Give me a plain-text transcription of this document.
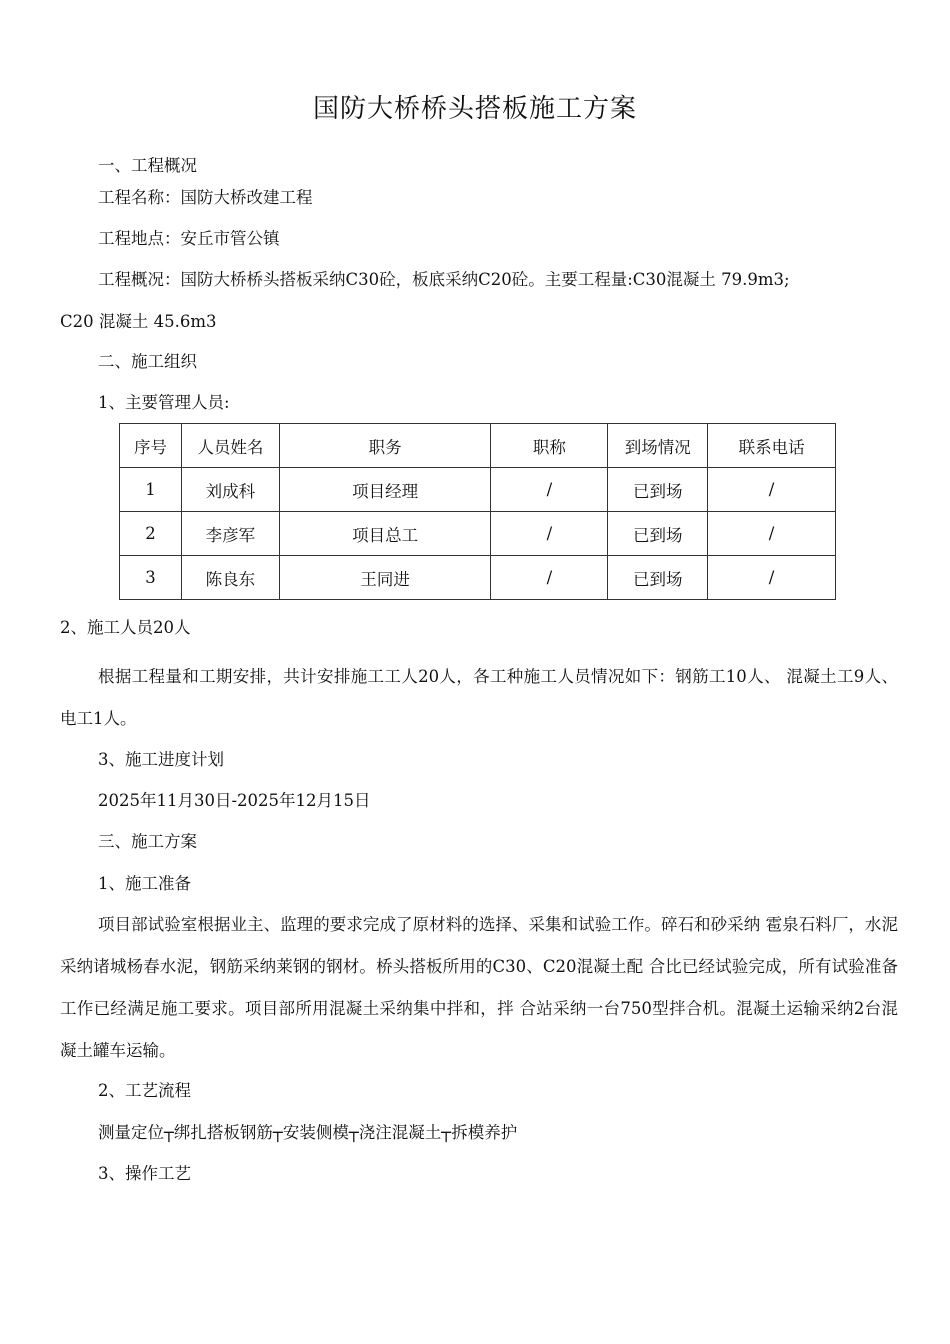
国防大桥桥头搭板施工方案
一、工程概况
工程名称：国防大桥改建工程
工程地点：安丘市管公镇
工程概况：国防大桥桥头搭板采纳C30砼，板底采纳C20砼。主要工程量:C30混凝土 79.9m3;
C20 混凝土 45.6m3
二、施工组织
1、主要管理人员:
序号	人员姓名	职务	职称	到场情况	联系电话
1	刘成科	项目经理	/	已到场	/
2	李彦军	项目总工	/	已到场	/
3	陈良东	王同进	/	已到场	/
2、施工人员20人
根据工程量和工期安排，共计安排施工工人20人，各工种施工人员情况如下：钢筋工10人、 混凝土工9人、电工1人。
3、施工进度计划
2025年11月30日-2025年12月15日
三、施工方案
1、施工准备
项目部试验室根据业主、监理的要求完成了原材料的选择、采集和试验工作。碎石和砂采纳 雹泉石料厂，水泥采纳诸城杨春水泥，钢筋采纳莱钢的钢材。桥头搭板所用的C30、C20混凝土配 合比已经试验完成，所有试验准备工作已经满足施工要求。项目部所用混凝土采纳集中拌和，拌 合站采纳一台750型拌合机。混凝土运输采纳2台混凝土罐车运输。
2、工艺流程
测量定位┬绑扎搭板钢筋┬安装侧模┬浇注混凝土┬拆模养护
3、操作工艺
